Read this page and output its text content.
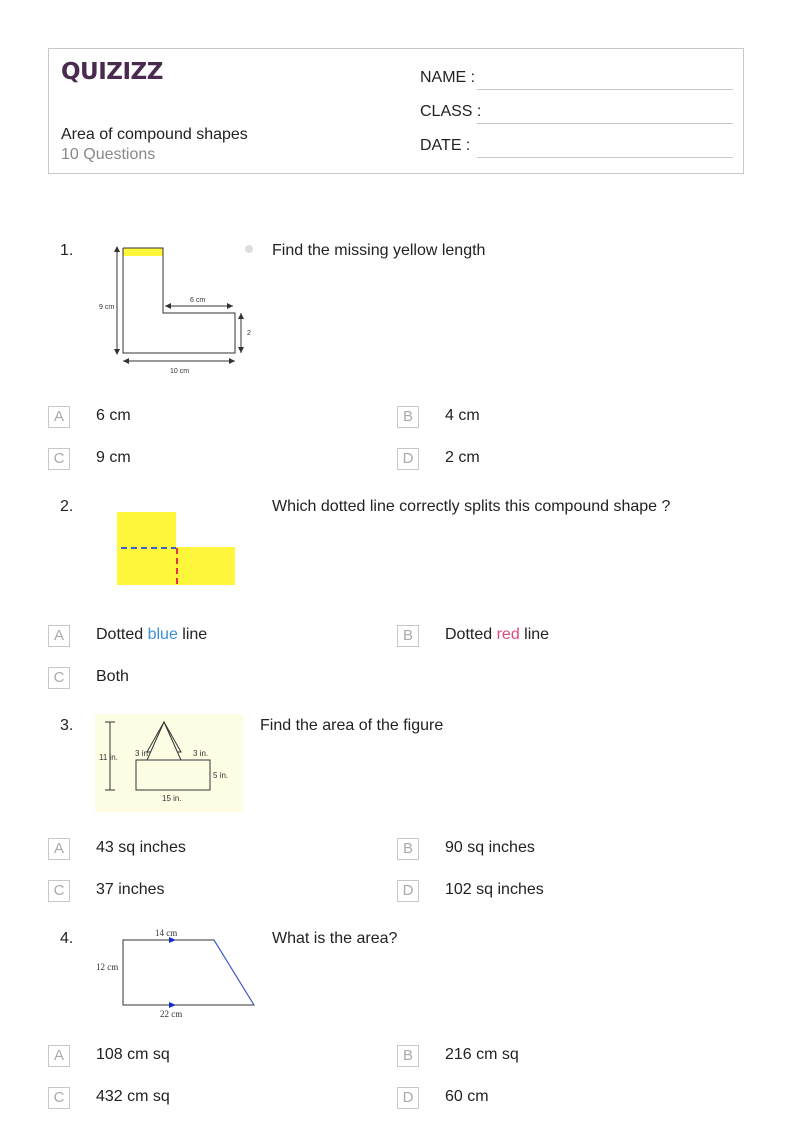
QUIZIZZ
Area of compound shapes
10 Questions
NAME :
CLASS :
DATE :
1.	Find the missing yellow length
9 cm
6 cm
2
10 cm
A	6 cm	B	4 cm
C	9 cm	D	2 cm
2.	Which dotted line correctly splits this compound shape ?
A	Dotted blue line	B	Dotted red line
C	Both
3.	Find the area of the figure
11 in. 3 in.	3 in.
5 in.
15 in.
A	43 sq inches	B	90 sq inches
C	37 inches	D	102 sq inches
4.	What is the area?
14 cm
12 cm
22 cm
A	108 cm sq	B	216 cm sq
C	432 cm sq	D	60 cm
